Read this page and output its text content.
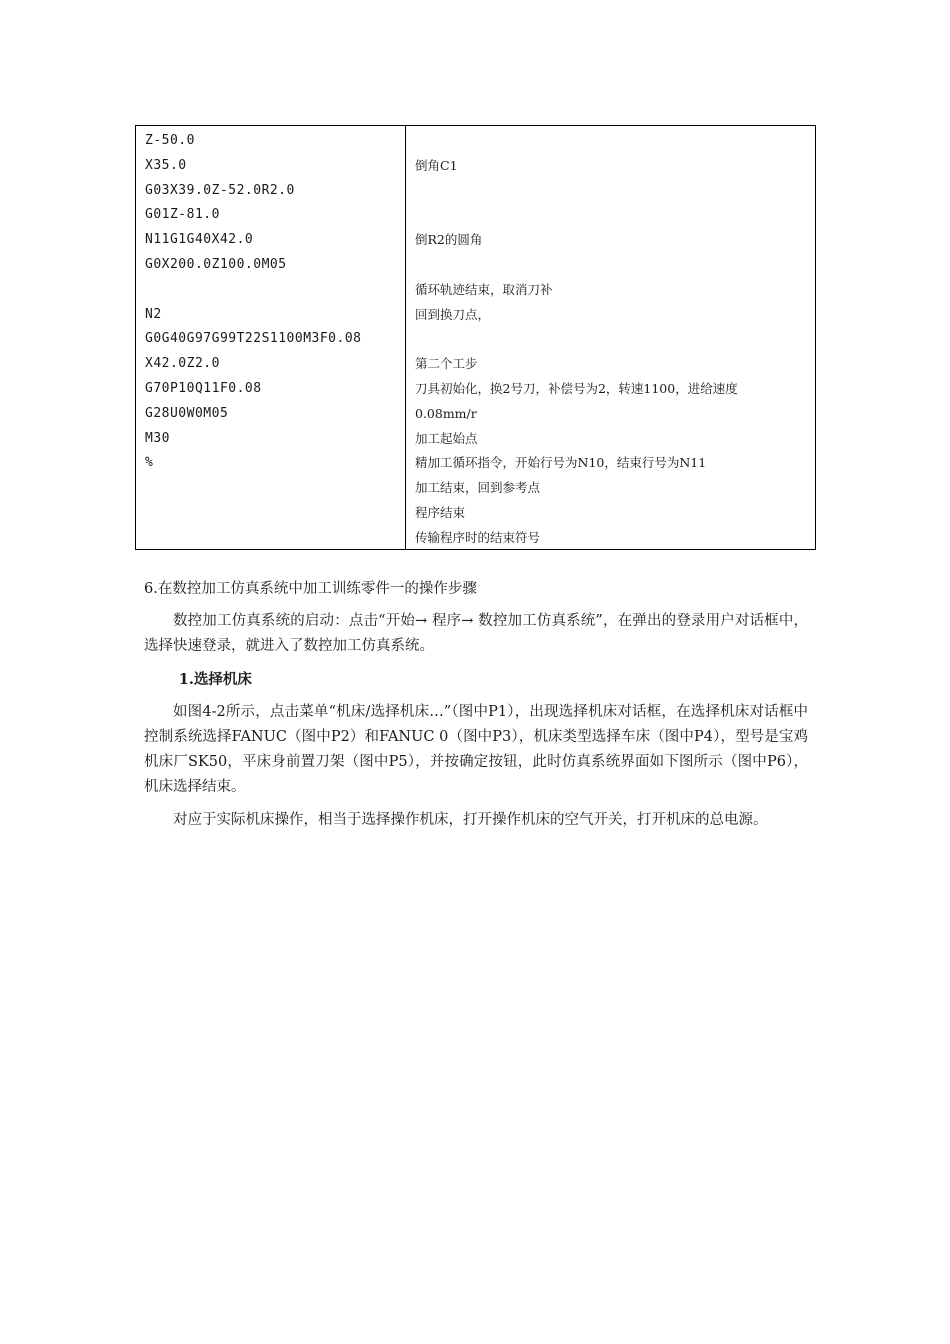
Z-50.0
X35.0
G03X39.0Z-52.0R2.0
G01Z-81.0
N11G1G40X42.0
G0X200.0Z100.0M05
N2
G0G40G97G99T22S1100M3F0.08
X42.0Z2.0
G70P10Q11F0.08
G28U0W0M05
M30
%
倒角C1
倒R2的圆角
循环轨迹结束，取消刀补
回到换刀点，
第二个工步
刀具初始化，换2号刀，补偿号为2，转速1100，进给速度
0.08mm/r
加工起始点
精加工循环指令，开始行号为N10，结束行号为N11
加工结束，回到参考点
程序结束
传输程序时的结束符号
6.在数控加工仿真系统中加工训练零件一的操作步骤
数控加工仿真系统的启动：点击“开始→ 程序→ 数控加工仿真系统”，在弹出的登录用户对话框中，选择快速登录，就进入了数控加工仿真系统。
1.选择机床
如图4-2所示，点击菜单“机床/选择机床…”（图中P1），出现选择机床对话框，在选择机床对话框中控制系统选择FANUC（图中P2）和FANUC 0（图中P3），机床类型选择车床（图中P4），型号是宝鸡机床厂SK50，平床身前置刀架（图中P5），并按确定按钮，此时仿真系统界面如下图所示（图中P6），机床选择结束。
对应于实际机床操作，相当于选择操作机床，打开操作机床的空气开关，打开机床的总电源。
